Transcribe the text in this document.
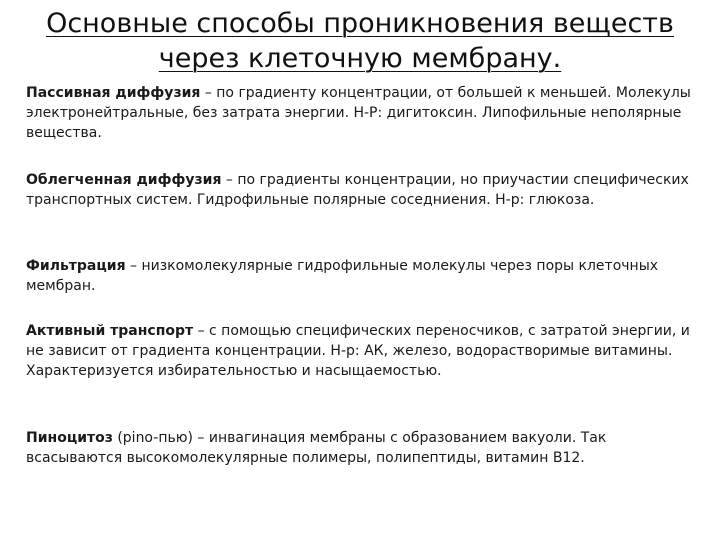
Основные способы проникновения веществ через клеточную мембрану.

Пассивная диффузия – по градиенту концентрации, от большей к меньшей. Молекулы электронейтральные, без затрата энергии. Н-Р: дигитоксин. Липофильные неполярные вещества.

Облегченная диффузия – по градиенты концентрации, но приучастии специфических транспортных систем. Гидрофильные полярные соседниения. Н-р: глюкоза.

Фильтрация – низкомолекулярные гидрофильные молекулы через поры клеточных мембран.

Активный транспорт – с помощью специфических переносчиков, с затратой энергии, и не зависит от градиента концентрации. Н-р: АК, железо, водорастворимые витамины. Характеризуется избирательностью и насыщаемостью.

Пиноцитоз (pino-пью) – инвагинация мембраны с образованием вакуоли. Так всасываются высокомолекулярные полимеры, полипептиды, витамин В12.
